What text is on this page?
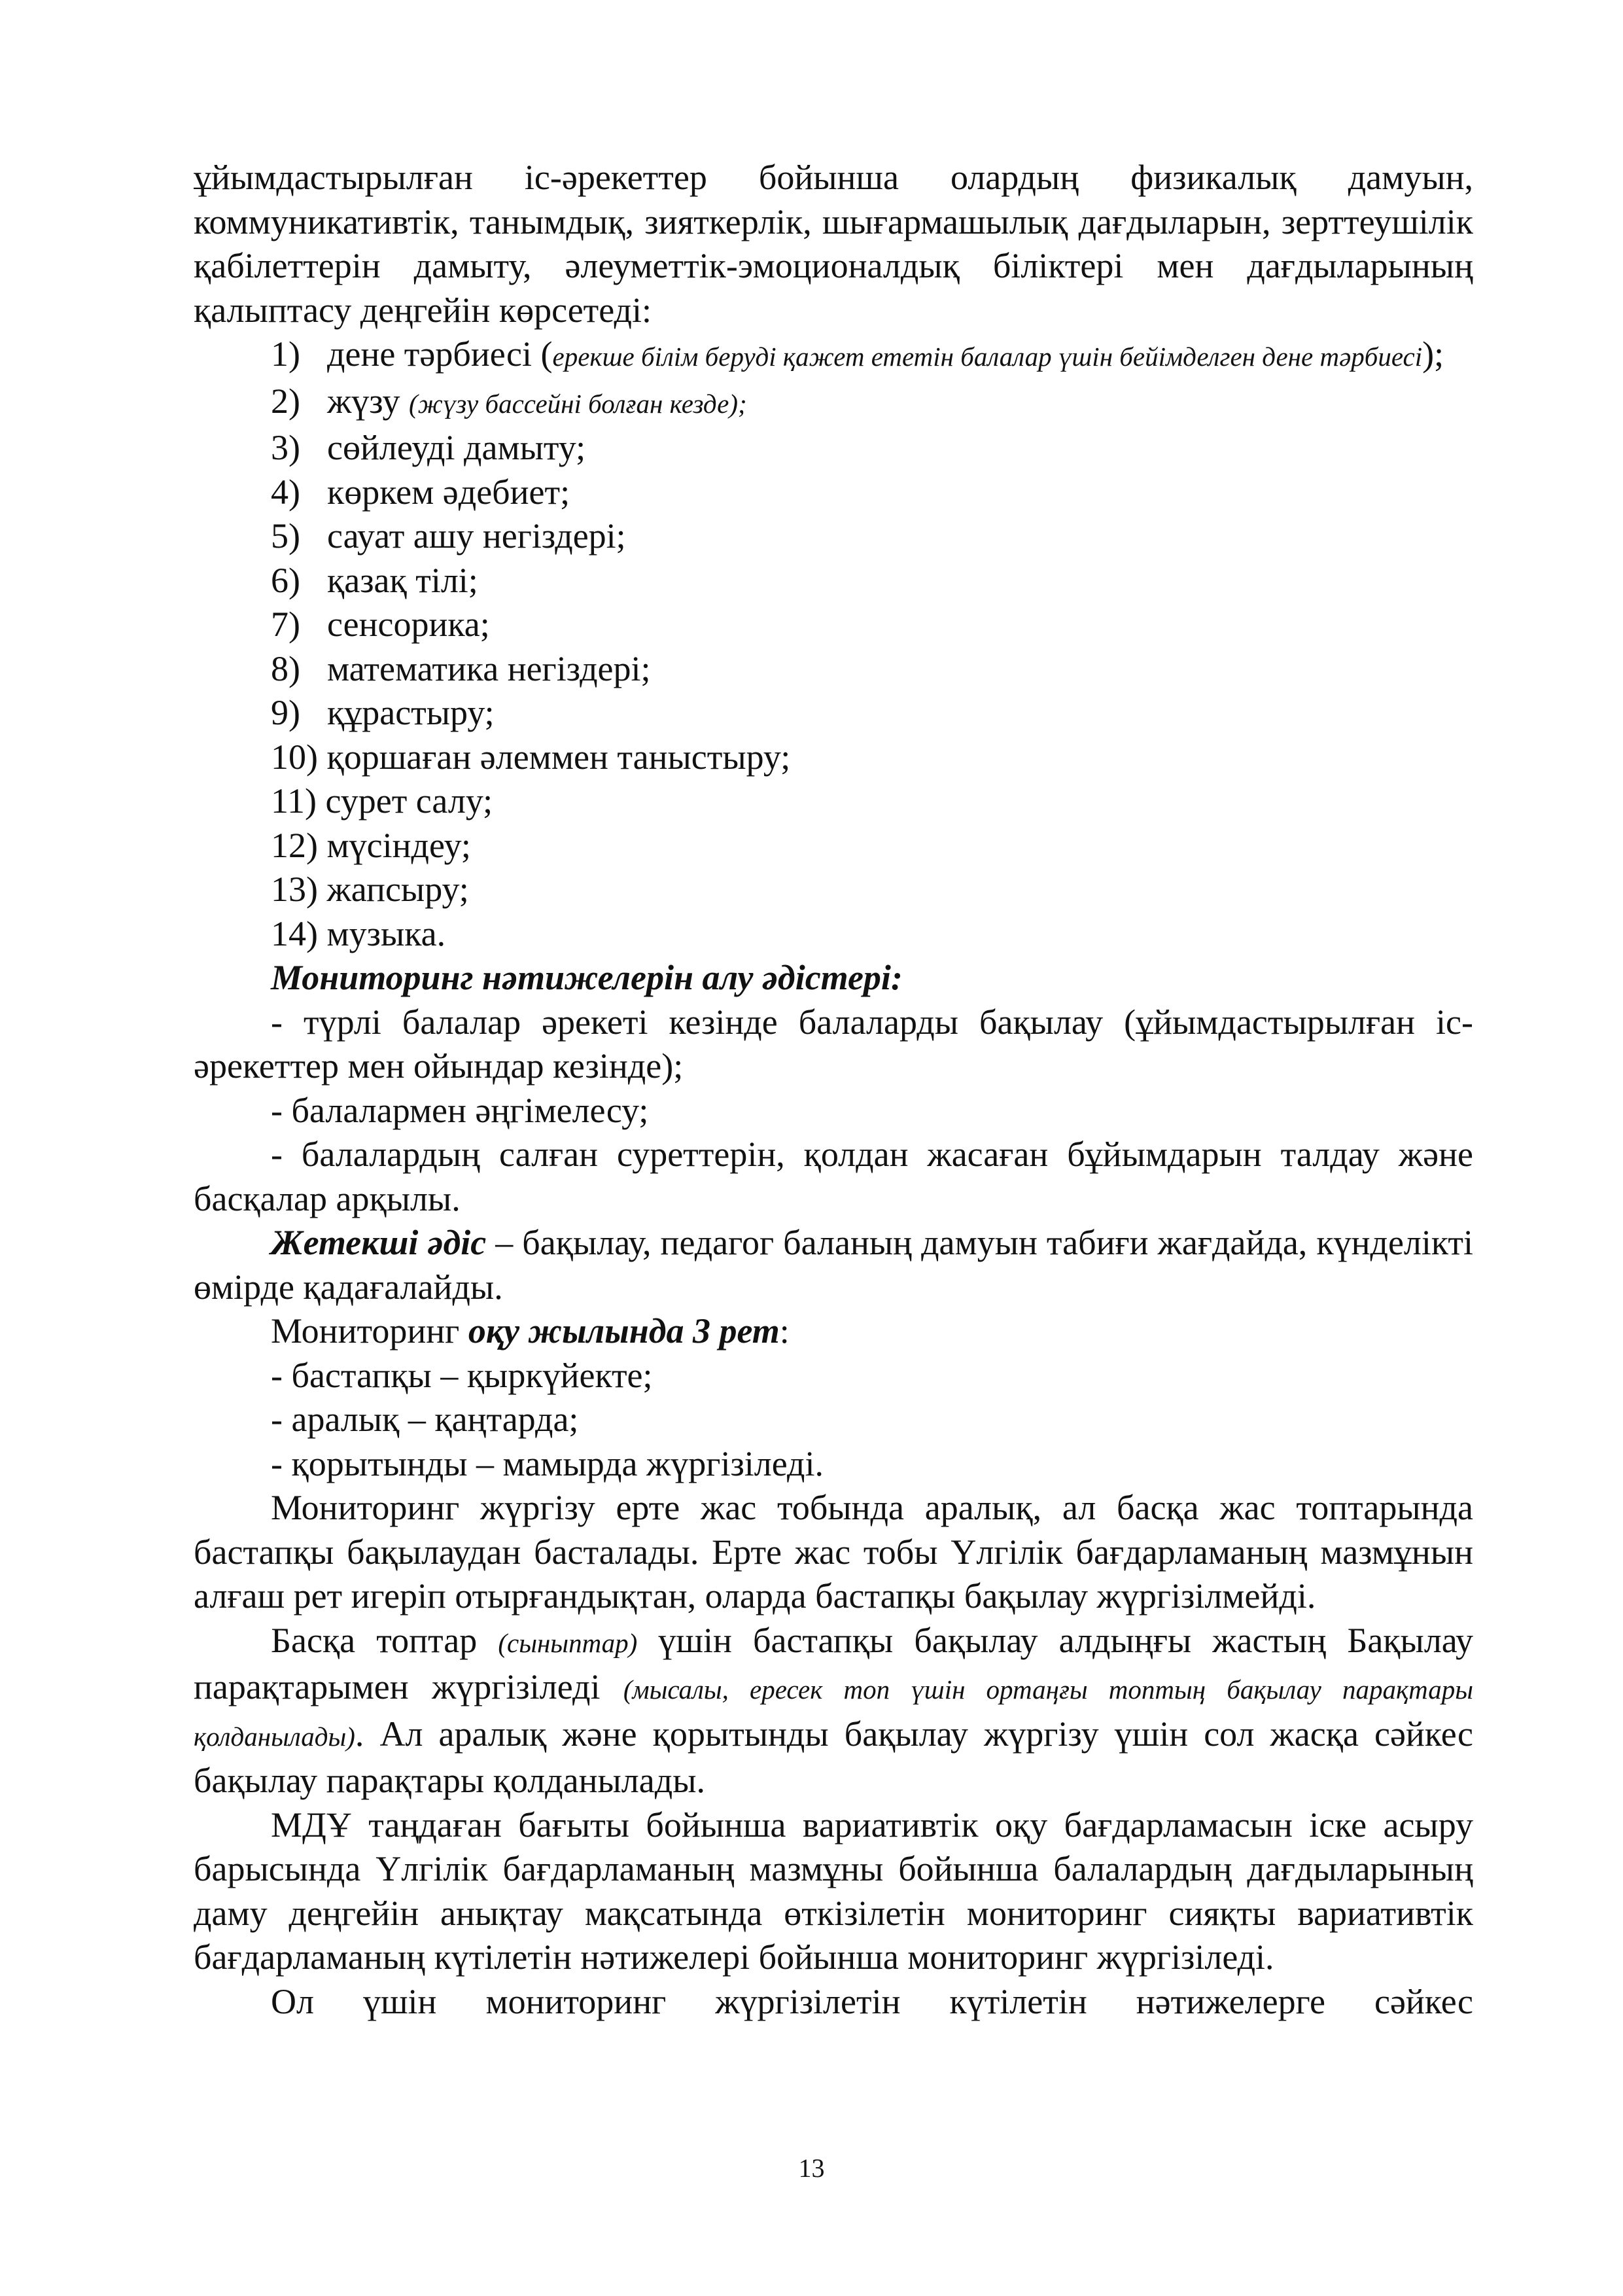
ұйымдастырылған іс-әрекеттер бойынша олардың физикалық дамуын, коммуникативтік, танымдық, зияткерлік, шығармашылық дағдыларын, зерттеушілік қабілеттерін дамыту, әлеуметтік-эмоционалдық біліктері мен дағдыларының қалыптасу деңгейін көрсетеді:

1) дене тәрбиесі (ерекше білім беруді қажет ететін балалар үшін бейімделген дене тәрбиесі);

2) жүзу (жүзу бассейні болған кезде);

3) сөйлеуді дамыту;

4) көркем әдебиет;

5) сауат ашу негіздері;

6) қазақ тілі;

7) сенсорика;

8) математика негіздері;

9) құрастыру;

10) қоршаған әлеммен таныстыру;

11) сурет салу;

12) мүсіндеу;

13) жапсыру;

14) музыка.

Мониторинг нәтижелерін алу әдістері:

- түрлі балалар әрекеті кезінде балаларды бақылау (ұйымдастырылған іс-әрекеттер мен ойындар кезінде);

- балалармен әңгімелесу;

- балалардың салған суреттерін, қолдан жасаған бұйымдарын талдау және басқалар арқылы.

Жетекші әдіс – бақылау, педагог баланың дамуын табиғи жағдайда, күнделікті өмірде қадағалайды.

Мониторинг оқу жылында 3 рет:

- бастапқы – қыркүйекте;

- аралық – қаңтарда;

- қорытынды – мамырда жүргізіледі.

Мониторинг жүргізу ерте жас тобында аралық, ал басқа жас топтарында бастапқы бақылаудан басталады. Ерте жас тобы Үлгілік бағдарламаның мазмұнын алғаш рет игеріп отырғандықтан, оларда бастапқы бақылау жүргізілмейді.

Басқа топтар (сыныптар) үшін бастапқы бақылау алдыңғы жастың Бақылау парақтарымен жүргізіледі (мысалы, ересек топ үшін ортаңғы топтың бақылау парақтары қолданылады). Ал аралық және қорытынды бақылау жүргізу үшін сол жасқа сәйкес бақылау парақтары қолданылады.

МДҰ таңдаған бағыты бойынша вариативтік оқу бағдарламасын іске асыру барысында Үлгілік бағдарламаның мазмұны бойынша балалардың дағдыларының даму деңгейін анықтау мақсатында өткізілетін мониторинг сияқты вариативтік бағдарламаның күтілетін нәтижелері бойынша мониторинг жүргізіледі.

Ол үшін мониторинг жүргізілетін күтілетін нәтижелерге сәйкес

13
